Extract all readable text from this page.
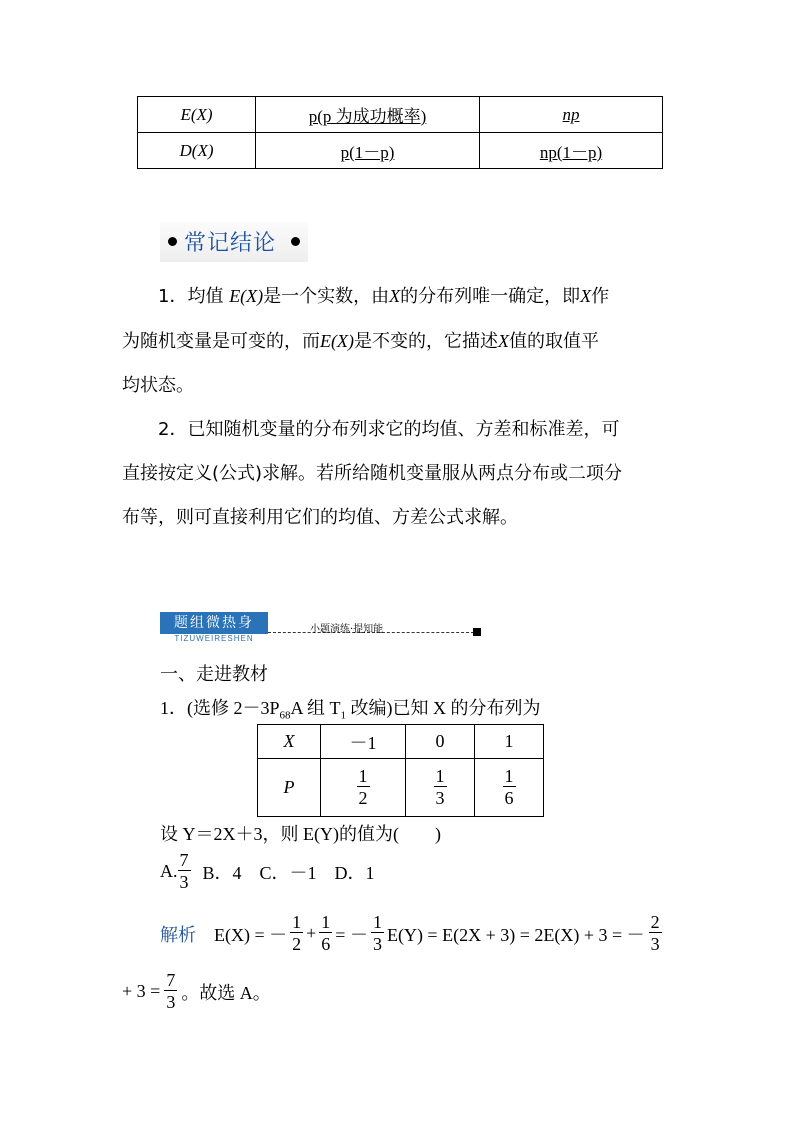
E(X)	p(p 为成功概率)	np
D(X)	p(1－p)	np(1－p)
常记结论
1．均值 E(X)是一个实数，由X的分布列唯一确定，即X作
为随机变量是可变的，而E(X)是不变的，它描述X值的取值平
均状态。
2．已知随机变量的分布列求它的均值、方差和标准差，可
直接按定义(公式)求解。若所给随机变量服从两点分布或二项分
布等，则可直接利用它们的均值、方差公式求解。
题组微热身
TIZUWEIRESHEN
小题演练·提知能
一、走进教材
1．(选修 $2-3P_{68}A$ 组 $T_1$ 改编)已知 X 的分布列为
X	－1	0	1
P	$\frac{1}{2}$	$\frac{1}{3}$	$\frac{1}{6}$
设 Y＝2X＋3，则 E(Y)的值为(　　)
A. $\frac{7}{3}$ B．4　C．－1　D．1
解析 E(X) = － $\frac{1}{2} + \frac{1}{6}$ = － $\frac{1}{3} E(Y) = E(2X + 3) = 2E(X) + 3$ = － $\frac{2}{3}$
+ $3 = \frac{7}{3}$ 。故选 A。
